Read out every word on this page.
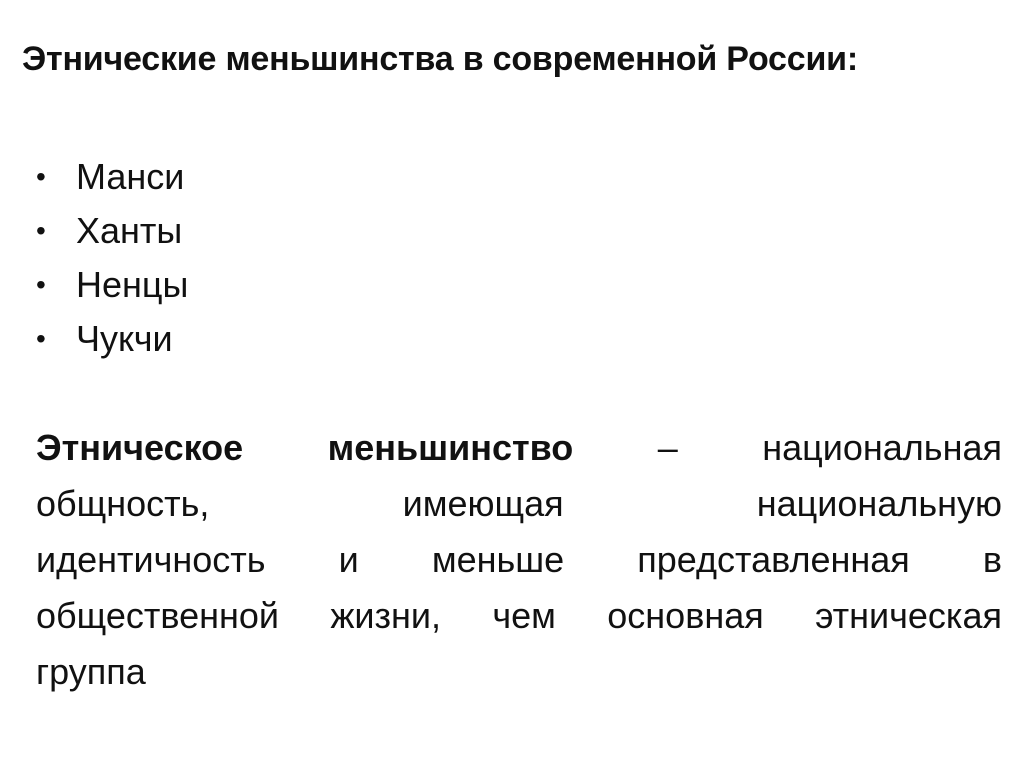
Этнические меньшинства в современной России:
• Манси
• Ханты
• Ненцы
• Чукчи
Этническое меньшинство – национальная
общность,	имеющая	национальную
идентичность и меньше представленная в
общественной жизни, чем основная этническая
группа
